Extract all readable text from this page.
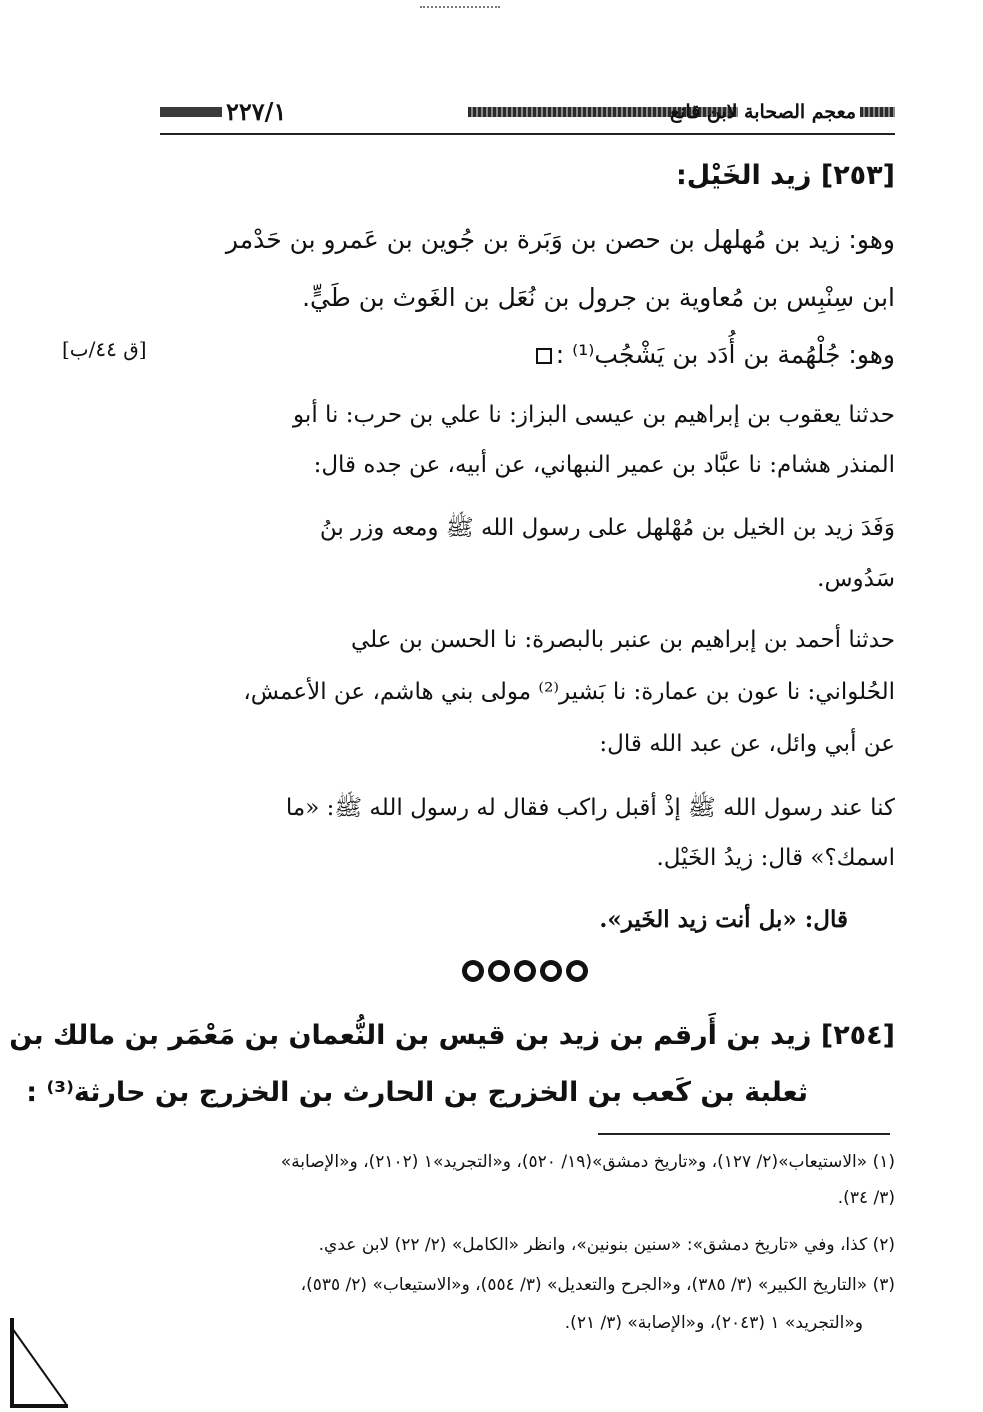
٢٢٧/١	معجم الصحابة لابن قانع
[ق ٤٤/ب]
[٢٥٣] زيد الخَيْل:
وهو: زيد بن مُهلهل بن حصن بن وَبَرة بن جُوين بن عَمرو بن حَدْمر
ابن سِنْبِس بن مُعاوية بن جرول بن نُعَل بن الغَوث بن طَيٍّ.
وهو: جُلْهُمة بن أُدَد بن يَشْجُب⁽¹⁾ :
حدثنا يعقوب بن إبراهيم بن عيسى البزاز: نا علي بن حرب: نا أبو
المنذر هشام: نا عبَّاد بن عمير النبهاني، عن أبيه، عن جده قال:
وَفَدَ زيد بن الخيل بن مُهْلهل على رسول الله ﷺ ومعه وزر بنُ
سَدُوس.
حدثنا أحمد بن إبراهيم بن عنبر بالبصرة: نا الحسن بن علي
الحُلواني: نا عون بن عمارة: نا بَشير⁽²⁾ مولى بني هاشم، عن الأعمش،
عن أبي وائل، عن عبد الله قال:
كنا عند رسول الله ﷺ إذْ أقبل راكب فقال له رسول الله ﷺ: «ما
اسمك؟» قال: زيدُ الخَيْل.
قال: «بل أنت زيد الخَير».
[٢٥٤] زيد بن أَرقم بن زيد بن قيس بن النُّعمان بن مَعْمَر بن مالك بن
ثعلبة بن كَعب بن الخزرج بن الحارث بن الخزرج بن حارثة⁽³⁾ :
(١) «الاستيعاب»(٢/ ١٢٧)، و«تاريخ دمشق»(١٩/ ٥٢٠)، و«التجريد»١ (٢١٠٢)، و«الإصابة»
(٣/ ٣٤).
(٢) كذا، وفي «تاريخ دمشق»: «سنين بنونين»، وانظر «الكامل» (٢/ ٢٢) لابن عدي.
(٣) «التاريخ الكبير» (٣/ ٣٨٥)، و«الجرح والتعديل» (٣/ ٥٥٤)، و«الاستيعاب» (٢/ ٥٣٥)،
و«التجريد» ١ (٢٠٤٣)، و«الإصابة» (٣/ ٢١).
